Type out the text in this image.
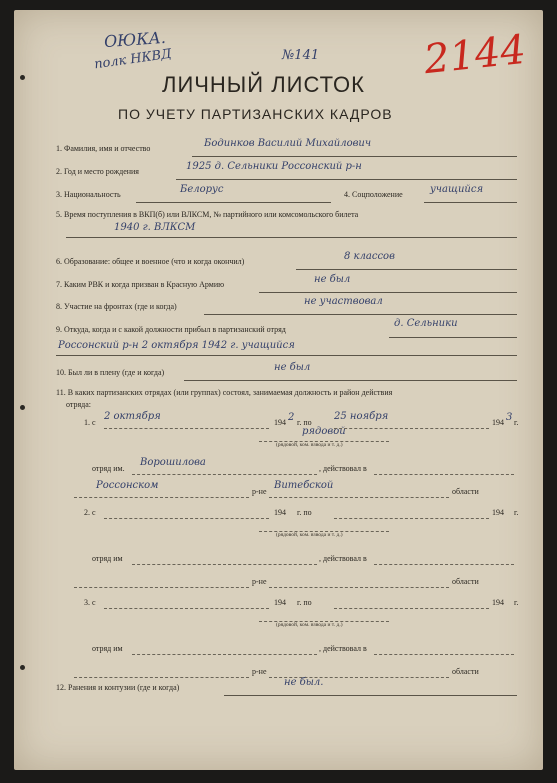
ОЮКА.
полк НКВД	№141	2144
ЛИЧНЫЙ ЛИСТОК
ПО УЧЕТУ ПАРТИЗАНСКИХ КАДРОВ
1. Фамилия, имя и отчество	Бодинков Василий Михайлович
2. Год и место рождения	1925 д. Сельники Россонский р-н
3. Национальность	Белорус	4. Соцположение	учащийся
5. Время поступления в ВКП(б) или ВЛКСМ, № партийного или комсомольского билета
1940 г. ВЛКСМ
6. Образование: общее и военное (что и когда окончил)	8 классов
7. Каким РВК и когда призван в Красную Армию	не был
8. Участие на фронтах (где и когда)	не участвовал
9. Откуда, когда и с какой должности прибыл в партизанский отряд
д. Сельники
Россонский р-н 2 октября 1942 г. учащийся
10. Был ли в плену (где и когда)	не был
11. В каких партизанских отрядах (или группах) состоял, занимаемая должность и район действия
отряда:
1. с
2 октября
194 2 г. по
25 ноября
194 3 г.
рядовой
(рядовой, ком. взвода и т. д.)
отряд им.
Ворошилова
, действовал в
Россонском
р-не
Витебской
области
2. с	194 г. по	194 г.
(рядовой, ком. взвода и т. д.)
отряд им	, действовал в
р-не	области
3. с	194 г. по	194 г.
(рядовой, ком. взвода и т. д.)
отряд им	, действовал в
р-не	области
12. Ранения и контузии (где и когда)	не был.
